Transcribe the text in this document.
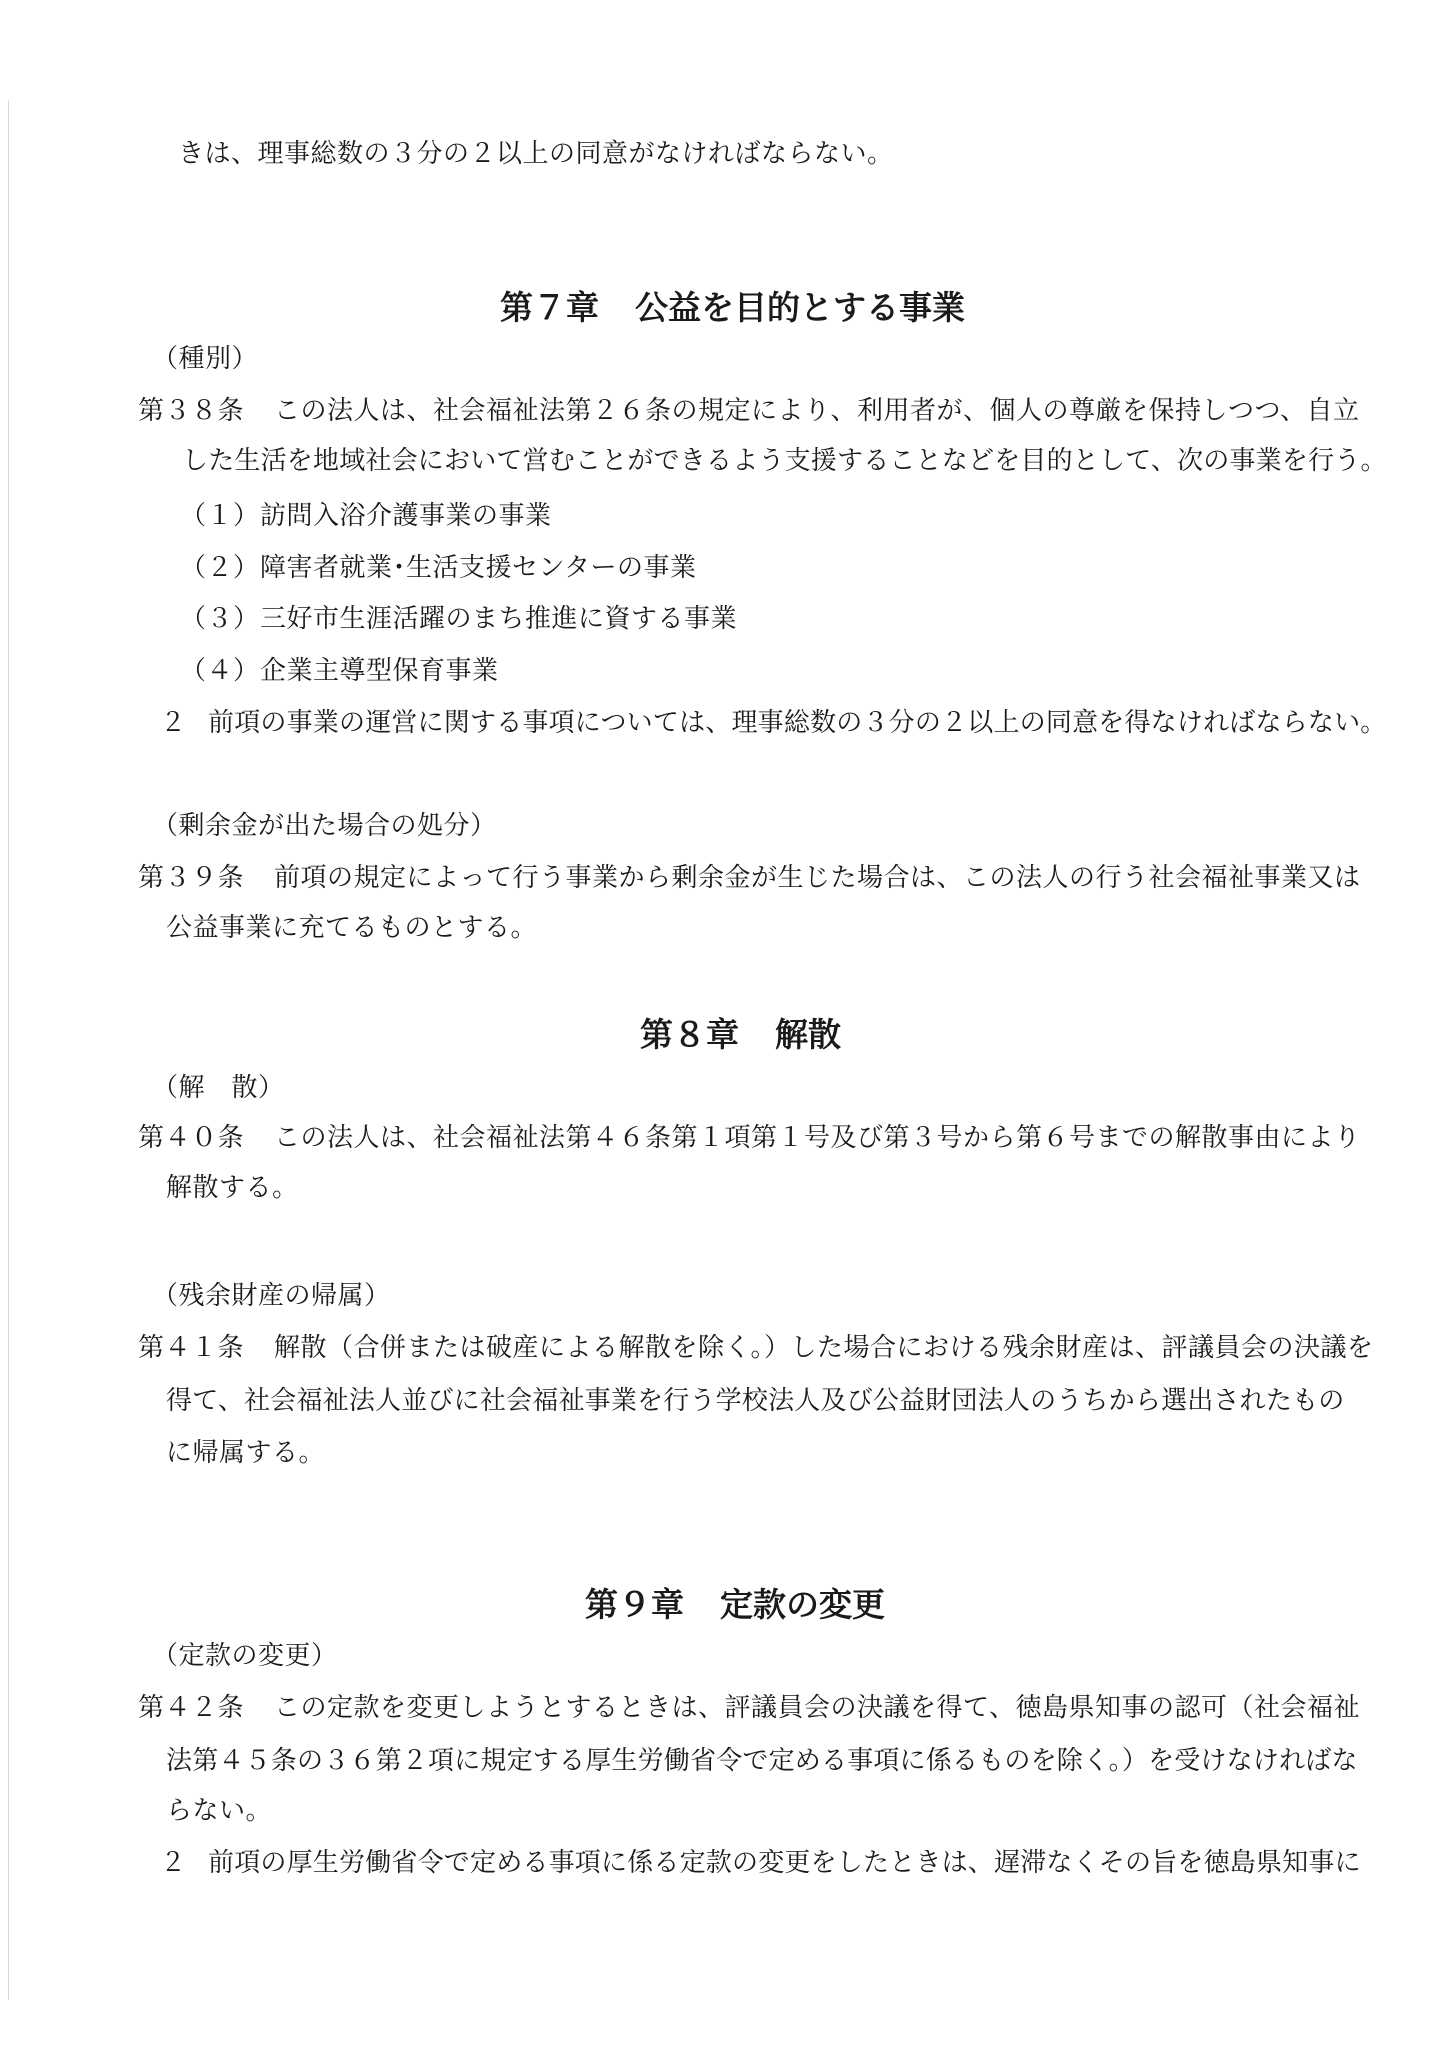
きは、理事総数の３分の２以上の同意がなければならない。

第７章 公益を目的とする事業

（種別）

第３８条 この法人は、社会福祉法第２６条の規定により、利用者が、個人の尊厳を保持しつつ、自立

した生活を地域社会において営むことができるよう支援することなどを目的として、次の事業を行う。

（１）訪問入浴介護事業の事業

（２）障害者就業･生活支援センターの事業

（３）三好市生涯活躍のまち推進に資する事業

（４）企業主導型保育事業

２ 前項の事業の運営に関する事項については、理事総数の３分の２以上の同意を得なければならない。

（剰余金が出た場合の処分）

第３９条 前項の規定によって行う事業から剰余金が生じた場合は、この法人の行う社会福祉事業又は

公益事業に充てるものとする。

第８章 解散

（解　散）

第４０条 この法人は、社会福祉法第４６条第１項第１号及び第３号から第６号までの解散事由により

解散する。

（残余財産の帰属）

第４１条 解散（合併または破産による解散を除く。）した場合における残余財産は、評議員会の決議を

得て、社会福祉法人並びに社会福祉事業を行う学校法人及び公益財団法人のうちから選出されたもの

に帰属する。

第９章 定款の変更

（定款の変更）

第４２条 この定款を変更しようとするときは、評議員会の決議を得て、徳島県知事の認可（社会福祉

法第４５条の３６第２項に規定する厚生労働省令で定める事項に係るものを除く。）を受けなければな

らない。

２ 前項の厚生労働省令で定める事項に係る定款の変更をしたときは、遅滞なくその旨を徳島県知事に
